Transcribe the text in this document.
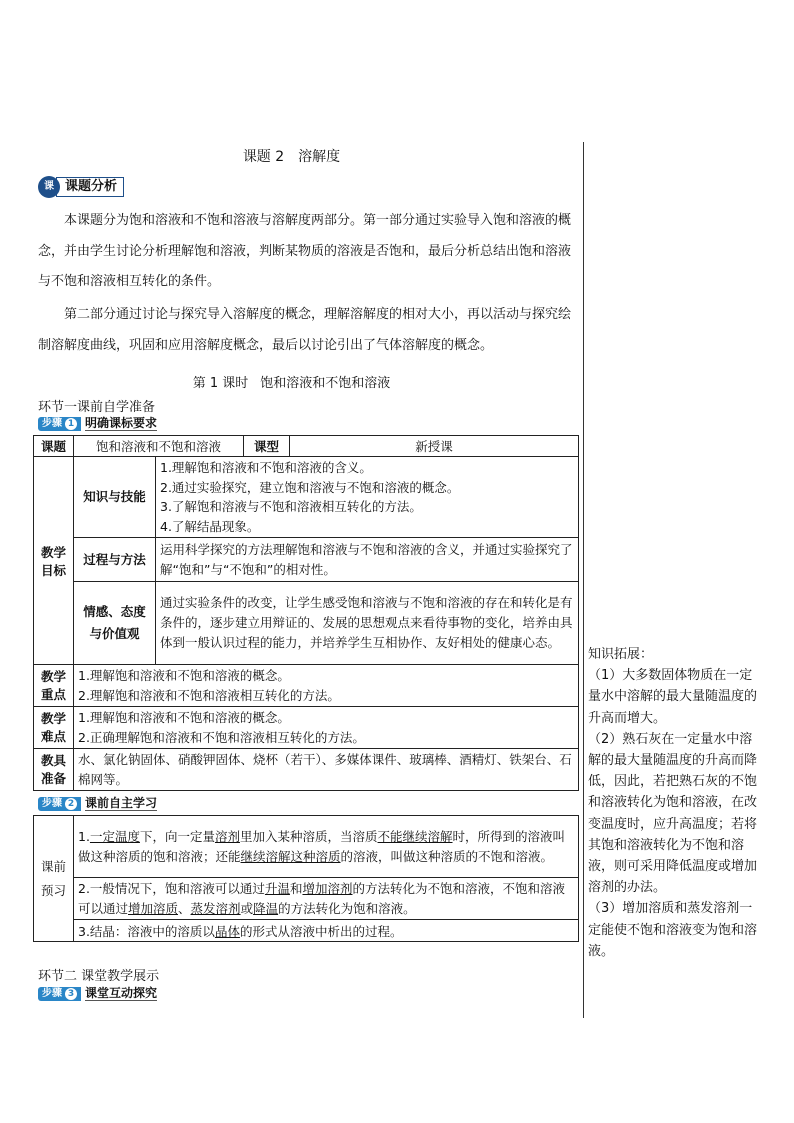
课题 2 溶解度
课 课题分析
本课题分为饱和溶液和不饱和溶液与溶解度两部分。第一部分通过实验导入饱和溶液的概念，并由学生讨论分析理解饱和溶液，判断某物质的溶液是否饱和，最后分析总结出饱和溶液与不饱和溶液相互转化的条件。
第二部分通过讨论与探究导入溶解度的概念，理解溶解度的相对大小，再以活动与探究绘制溶解度曲线，巩固和应用溶解度概念，最后以讨论引出了气体溶解度的概念。
第 1 课时 饱和溶液和不饱和溶液
环节一课前自学准备
步骤 1 明确课标要求
课题	饱和溶液和不饱和溶液		课型	新授课
教学目标	知识与技能	1.理解饱和溶液和不饱和溶液的含义。
2.通过实验探究，建立饱和溶液与不饱和溶液的概念。
3.了解饱和溶液与不饱和溶液相互转化的方法。
4.了解结晶现象。		

	过程与方法	运用科学探究的方法理解饱和溶液与不饱和溶液的含义，并通过实验探究了解“饱和”与“不饱和”的相对性。		
	情感、态度与价值观	通过实验条件的改变，让学生感受饱和溶液与不饱和溶液的存在和转化是有条件的，逐步建立用辩证的、发展的思想观点来看待事物的变化，培养由具体到一般认识过程的能力，并培养学生互相协作、友好相处的健康心态。		
教学重点	1.理解饱和溶液和不饱和溶液的概念。
2.理解饱和溶液和不饱和溶液相互转化的方法。			

教学难点	1.理解饱和溶液和不饱和溶液的概念。
2.正确理解饱和溶液和不饱和溶液相互转化的方法。			

教具准备	水、氯化钠固体、硝酸钾固体、烧杯（若干）、多媒体课件、玻璃棒、酒精灯、铁架台、石棉网等。			
步骤 2 课前自主学习
课前预习	1.一定温度下，向一定量溶剂里加入某种溶质，当溶质不能继续溶解时，所得到的溶液叫做这种溶质的饱和溶液；还能继续溶解这种溶质的溶液，叫做这种溶质的不饱和溶液。
2.一般情况下，饱和溶液可以通过升温和增加溶剂的方法转化为不饱和溶液，不饱和溶液可以通过增加溶质、蒸发溶剂或降温的方法转化为饱和溶液。
3.结晶：溶液中的溶质以晶体的形式从溶液中析出的过程。
环节二 课堂教学展示
步骤 3 课堂互动探究
知识拓展：
（1）大多数固体物质在一定量水中溶解的最大量随温度的升高而增大。
（2）熟石灰在一定量水中溶解的最大量随温度的升高而降低，因此，若把熟石灰的不饱和溶液转化为饱和溶液，在改变温度时，应升高温度；若将其饱和溶液转化为不饱和溶液，则可采用降低温度或增加溶剂的办法。
（3）增加溶质和蒸发溶剂一定能使不饱和溶液变为饱和溶液。
